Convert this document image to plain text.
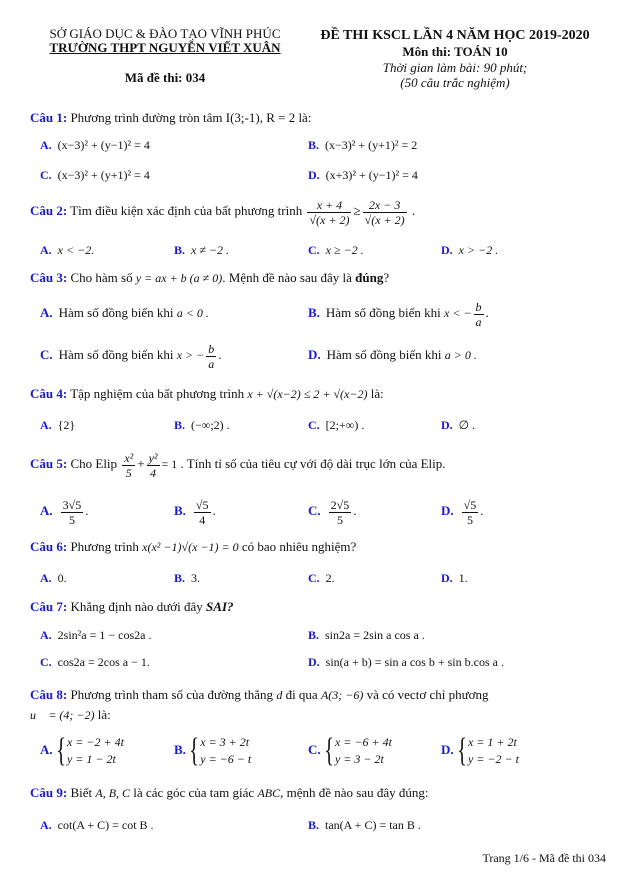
SỞ GIÁO DỤC & ĐÀO TẠO VĨNH PHÚC
TRƯỜNG THPT NGUYỄN VIẾT XUÂN
Mã đề thi: 034
ĐỀ THI KSCL LẦN 4 NĂM HỌC 2019-2020
Môn thi: TOÁN 10
Thời gian làm bài: 90 phút;
(50 câu trắc nghiệm)
Câu 1: Phương trình đường tròn tâm I(3;-1), R = 2 là:
A. (x−3)² + (y−1)² = 4	B. (x−3)² + (y+1)² = 2
C. (x−3)² + (y+1)² = 4	D. (x+3)² + (y−1)² = 4
Câu 2: Tìm điều kiện xác định của bất phương trình $\frac{x + 4}{√(x + 2)} \ge \frac{2x - 3}{√(x + 2)}$ .
A. x < −2.	B. x ≠ −2 .	C. x ≥ −2 .	D. x > −2 .
Câu 3: Cho hàm số y = ax + b (a ≠ 0). Mệnh đề nào sau đây là đúng?
A. Hàm số đồng biến khi a < 0 .	B. Hàm số đồng biến khi x < − $\frac{b}{a}$ .
C. Hàm số đồng biến khi x > − $\frac{b}{a}$ .	D. Hàm số đồng biến khi a > 0 .
Câu 4: Tập nghiệm của bất phương trình x + √(x−2) ≤ 2 + √(x−2) là:
A. {2}	B. (−∞;2) .	C. [2;+∞) .	D. ∅ .
Câu 5: Cho Elip $\frac{\text{x²}}{5} + \frac{\text{y²}}{4} = 1$ . Tính tỉ số của tiêu cự với độ dài trục lớn của Elip.
A. $\frac{3√5}{5}$ .	B. $\frac{√5}{4}$ .	C. $\frac{2√5}{5}$ .	D. $\frac{√5}{5}$ .
Câu 6: Phương trình x(x² −1)√(x −1) = 0 có bao nhiêu nghiệm?
A. 0.	B. 3.	C. 2.	D. 1.
Câu 7: Khẳng định nào dưới đây SAI?
A. 2sin²a = 1 − cos2a .	B. sin2a = 2sin a cos a .
C. cos2a = 2cos a − 1.	D. sin(a + b) = sin a cos b + sin b.cos a .
Câu 8: Phương trình tham số của đường thẳng d đi qua A(3; −6) và có vectơ chỉ phương
u⃗ = (4; −2) là:
A. { x = −2 + 4t
y = 1 − 2t
B. { x = 3 + 2t
y = −6 − t
C. { x = −6 + 4t
y = 3 − 2t
D. { x = 1 + 2t
y = −2 − t
Câu 9: Biết A, B, C là các góc của tam giác ABC, mệnh đề nào sau đây đúng:
A. cot(A + C) = cot B .	B. tan(A + C) = tan B .
Trang 1/6 - Mã đề thi 034
